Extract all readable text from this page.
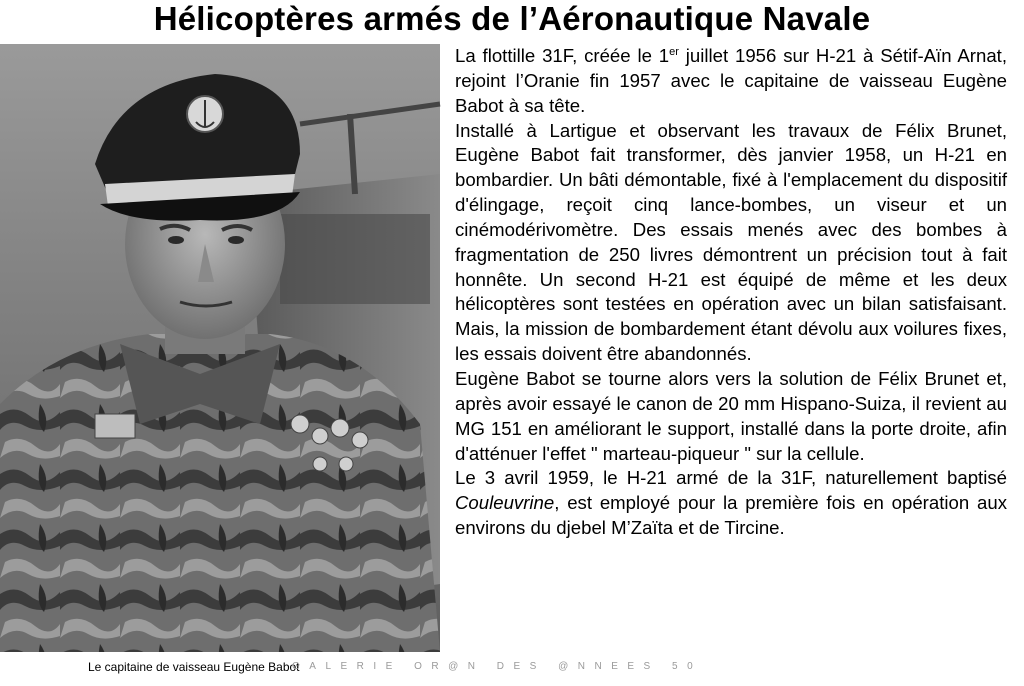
Hélicoptères armés de l’Aéronautique Navale
(ARDHAN)
Le capitaine de vaisseau Eugène Babot
GALERIE OR@N DES @NNEES 50

La flottille 31F, créée le 1er juillet 1956 sur H-21 à Sétif-Aïn Arnat, rejoint l’Oranie fin 1957 avec le capitaine de vaisseau Eugène Babot à sa tête.

Installé à Lartigue et observant les travaux de Félix Brunet, Eugène Babot fait transformer, dès janvier 1958, un H-21 en bombardier. Un bâti démontable, fixé à l'emplacement du dispositif d'élingage, reçoit cinq lance-bombes, un viseur et un cinémodérivomètre. Des essais menés avec des bombes à fragmentation de 250 livres démontrent un précision tout à fait honnête. Un second H-21 est équipé de même et les deux hélicoptères sont testées en opération avec un bilan satisfaisant. Mais, la mission de bombardement étant dévolu aux voilures fixes, les essais doivent être abandonnés.

Eugène Babot se tourne alors vers la solution de Félix Brunet et, après avoir essayé le canon de 20 mm Hispano-Suiza, il revient au MG 151 en améliorant le support, installé dans la porte droite, afin d'atténuer l'effet " marteau-piqueur " sur la cellule.

Le 3 avril 1959, le H-21 armé de la 31F, naturellement baptisé Couleuvrine, est employé pour la première fois en opération aux environs du djebel M’Zaïta et de Tircine.
